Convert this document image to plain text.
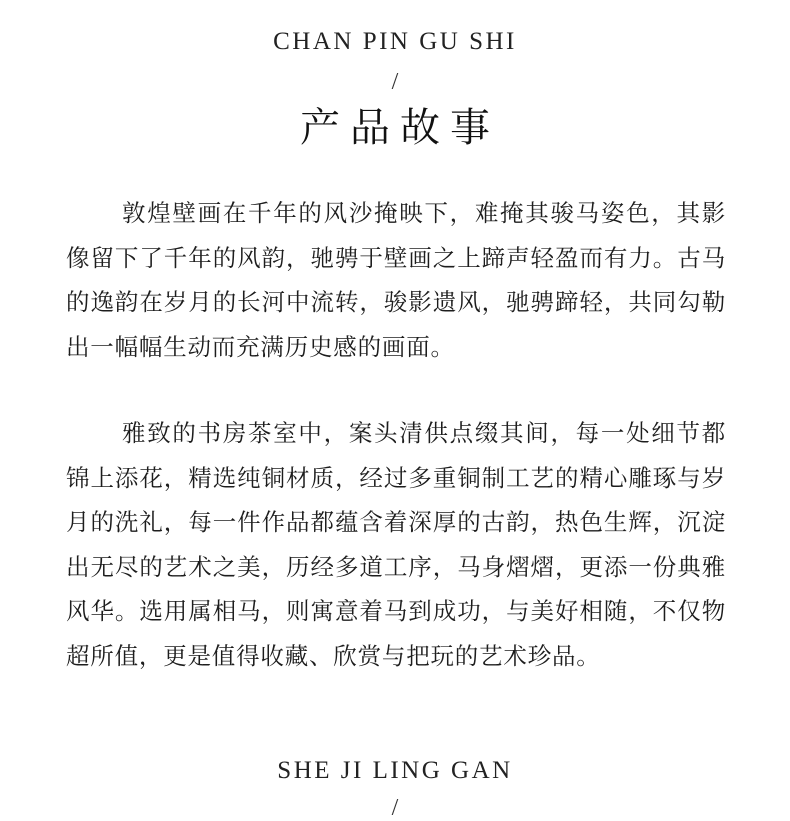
CHAN PIN GU SHI
/
产品故事

敦煌壁画在千年的风沙掩映下，难掩其骏马姿色，其影像留下了千年的风韵，驰骋于壁画之上蹄声轻盈而有力。古马的逸韵在岁月的长河中流转，骏影遗风，驰骋蹄轻，共同勾勒出一幅幅生动而充满历史感的画面。

雅致的书房茶室中，案头清供点缀其间，每一处细节都锦上添花，精选纯铜材质，经过多重铜制工艺的精心雕琢与岁月的洗礼，每一件作品都蕴含着深厚的古韵，热色生辉，沉淀出无尽的艺术之美，历经多道工序，马身熠熠，更添一份典雅风华。选用属相马，则寓意着马到成功，与美好相随，不仅物超所值，更是值得收藏、欣赏与把玩的艺术珍品。

SHE JI LING GAN
/
